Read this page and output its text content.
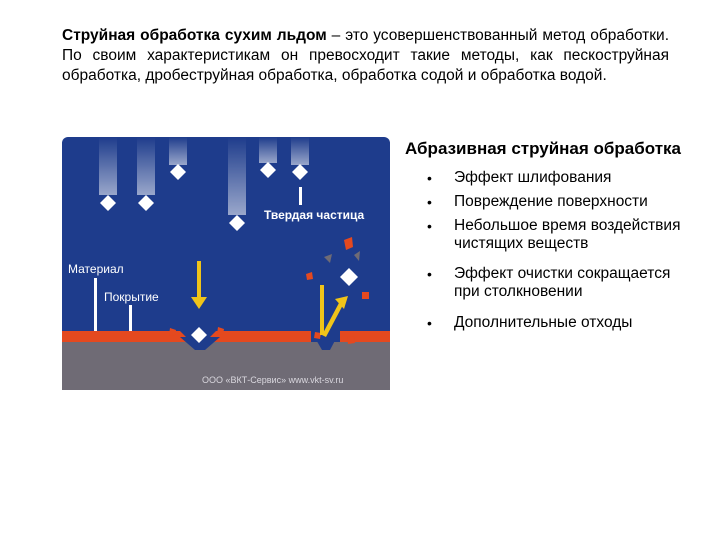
Струйная обработка сухим льдом – это усовершенствованный метод обработки. По своим характеристикам он превосходит такие методы, как пескоструйная обработка, дробеструйная обработка, обработка содой и обработка водой.

Твердая частица
Материал
Покрытие
ООО «ВКТ-Сервис» www.vkt-sv.ru
Абразивная струйная обработка
• Эффект шлифования
• Повреждение поверхности
• Небольшое время воздействия чистящих веществ
• Эффект очистки сокращается при столкновении
• Дополнительные отходы
